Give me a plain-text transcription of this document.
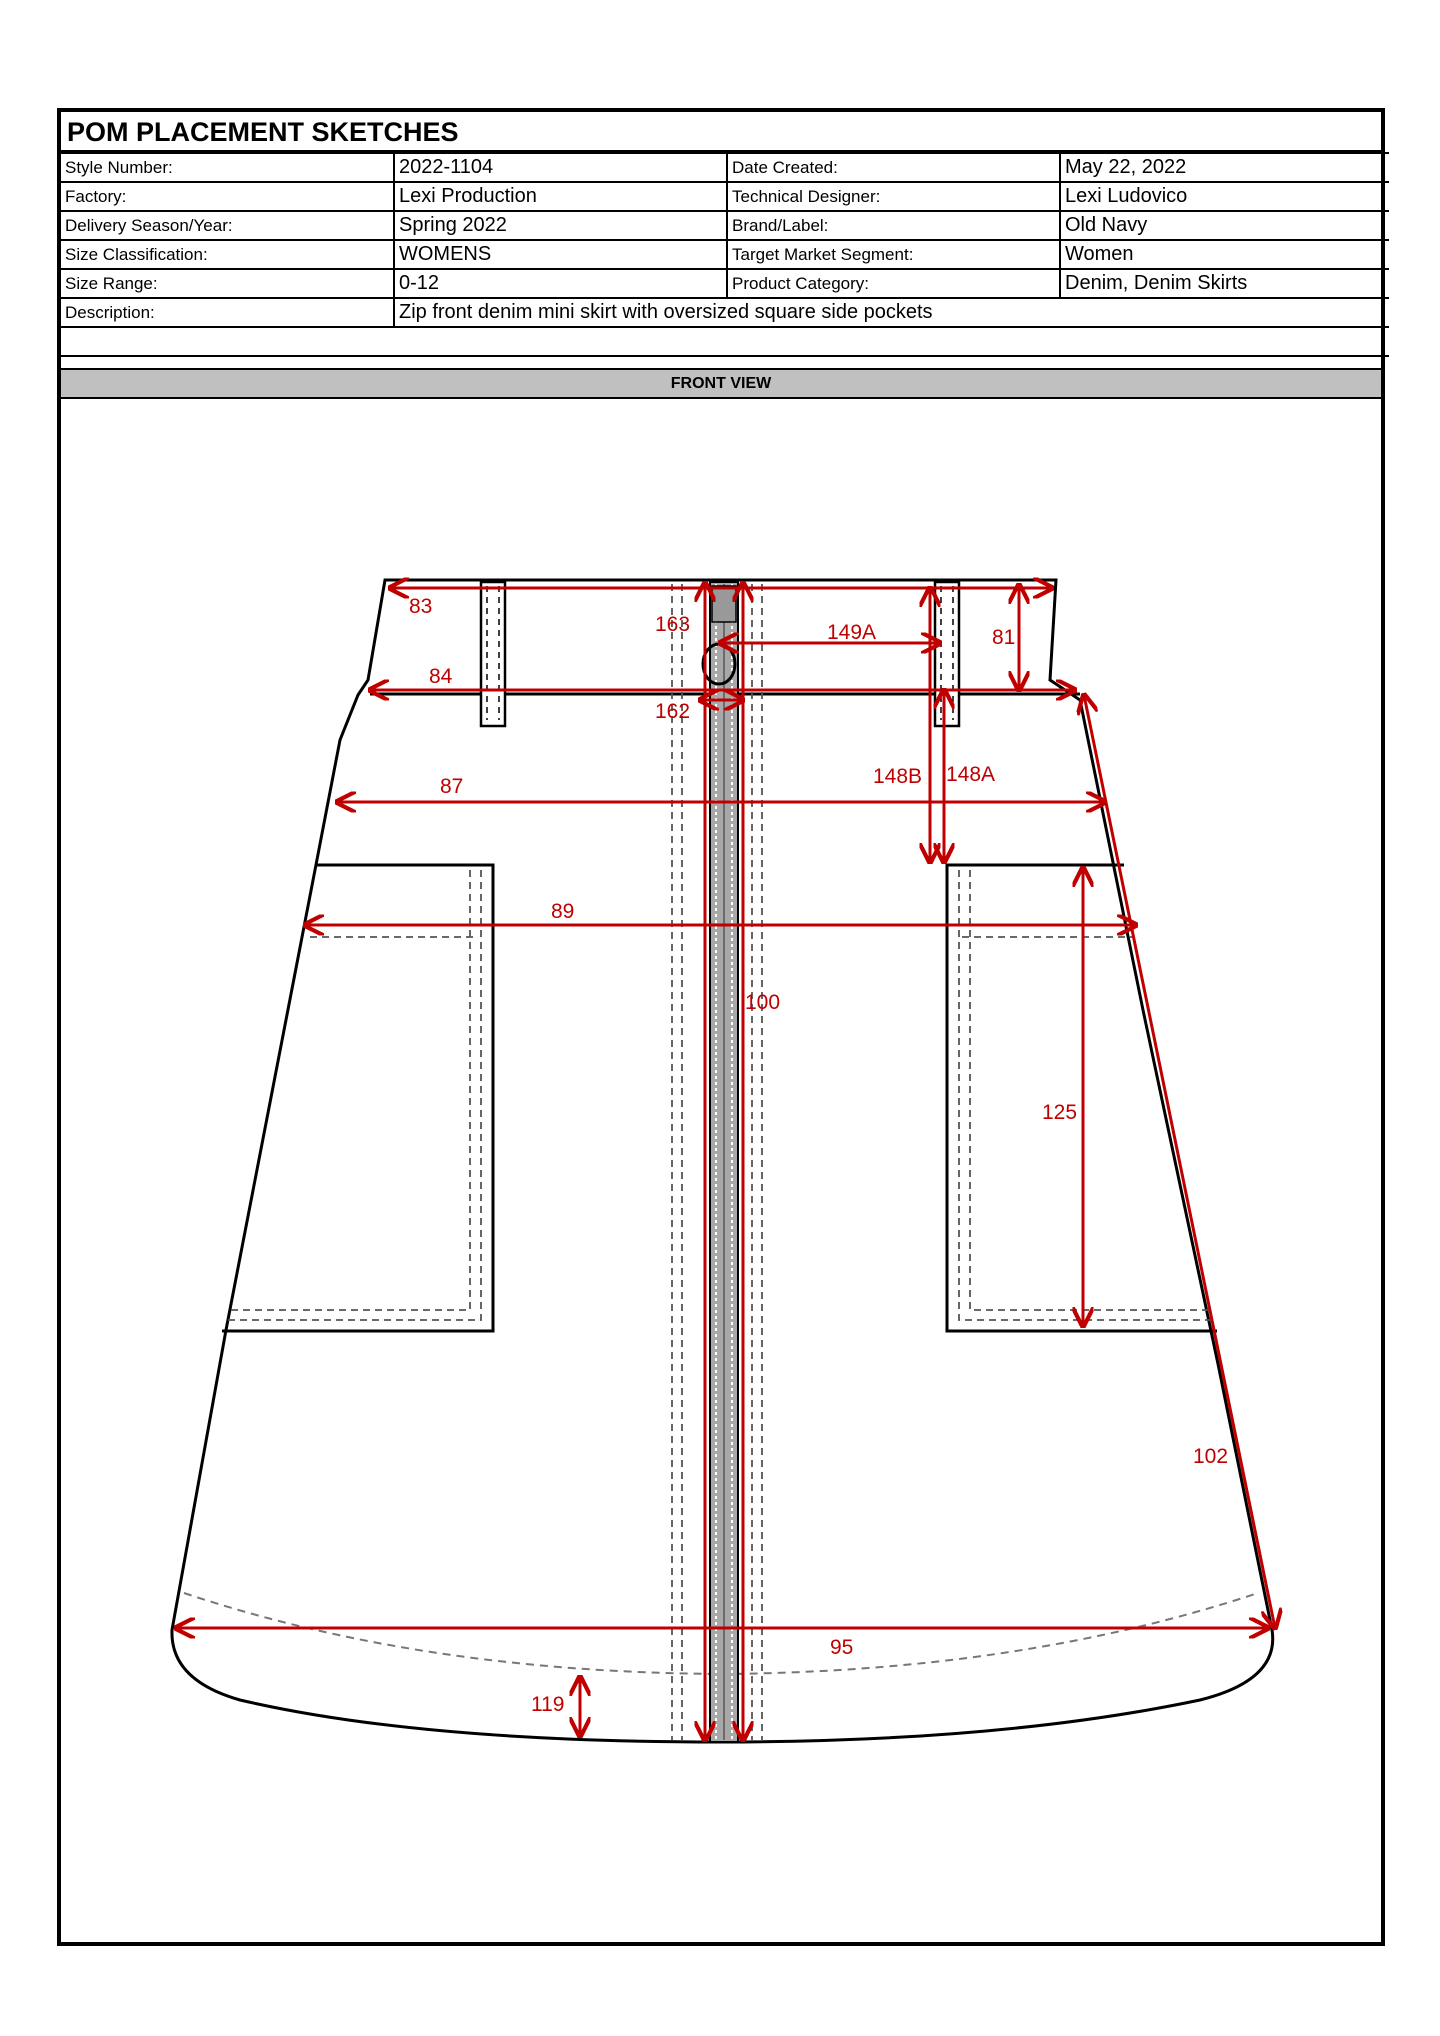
POM PLACEMENT SKETCHES
Style Number:	2022-1104	Date Created:	May 22, 2022
Factory:	Lexi Production	Technical Designer:	Lexi Ludovico
Delivery Season/Year:	Spring 2022	Brand/Label:	Old Navy
Size Classification:	WOMENS	Target Market Segment:	Women
Size Range:	0-12	Product Category:	Denim, Denim Skirts
Description:	Zip front denim mini skirt with oversized square side pockets		

FRONT VIEW
83
163	149A	81
84
162
148B 148A
87
89
100
125
102
95
119
